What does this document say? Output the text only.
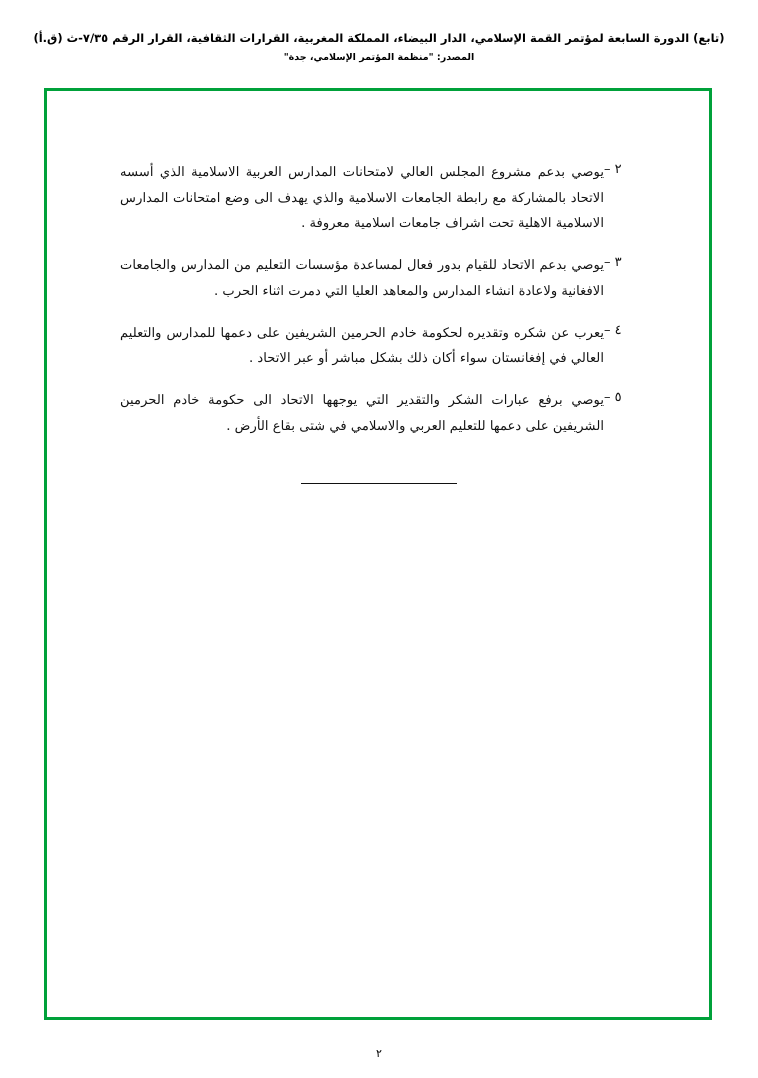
(تابع) الدورة السابعة لمؤتمر القمة الإسلامي، الدار البيضاء، المملكة المغربية، القرارات الثقافية، القرار الرقم ٧/٣٥-ث (ق.أ)
المصدر: "منظمة المؤتمر الإسلامي، جدة"
٢ –
يوصي بدعم مشروع المجلس العالي لامتحانات المدارس العربية الاسلامية الذي أسسه الاتحاد بالمشاركة مع رابطة الجامعات الاسلامية والذي يهدف الى وضع امتحانات المدارس الاسلامية الاهلية تحت اشراف جامعات اسلامية معروفة .
٣ –
يوصي بدعم الاتحاد للقيام بدور فعال لمساعدة مؤسسات التعليم من المدارس والجامعات الافغانية ولاعادة انشاء المدارس والمعاهد العليا التي دمرت اثناء الحرب .
٤ –
يعرب عن شكره وتقديره لحكومة خادم الحرمين الشريفين على دعمها للمدارس والتعليم العالي في إفغانستان سواء أكان ذلك بشكل مباشر أو عبر الاتحاد .
٥ –
يوصي برفع عبارات الشكر والتقدير التي يوجهها الاتحاد الى حكومة خادم الحرمين الشريفين على دعمها للتعليم العربي والاسلامي في شتى بقاع الأرض .
٢
